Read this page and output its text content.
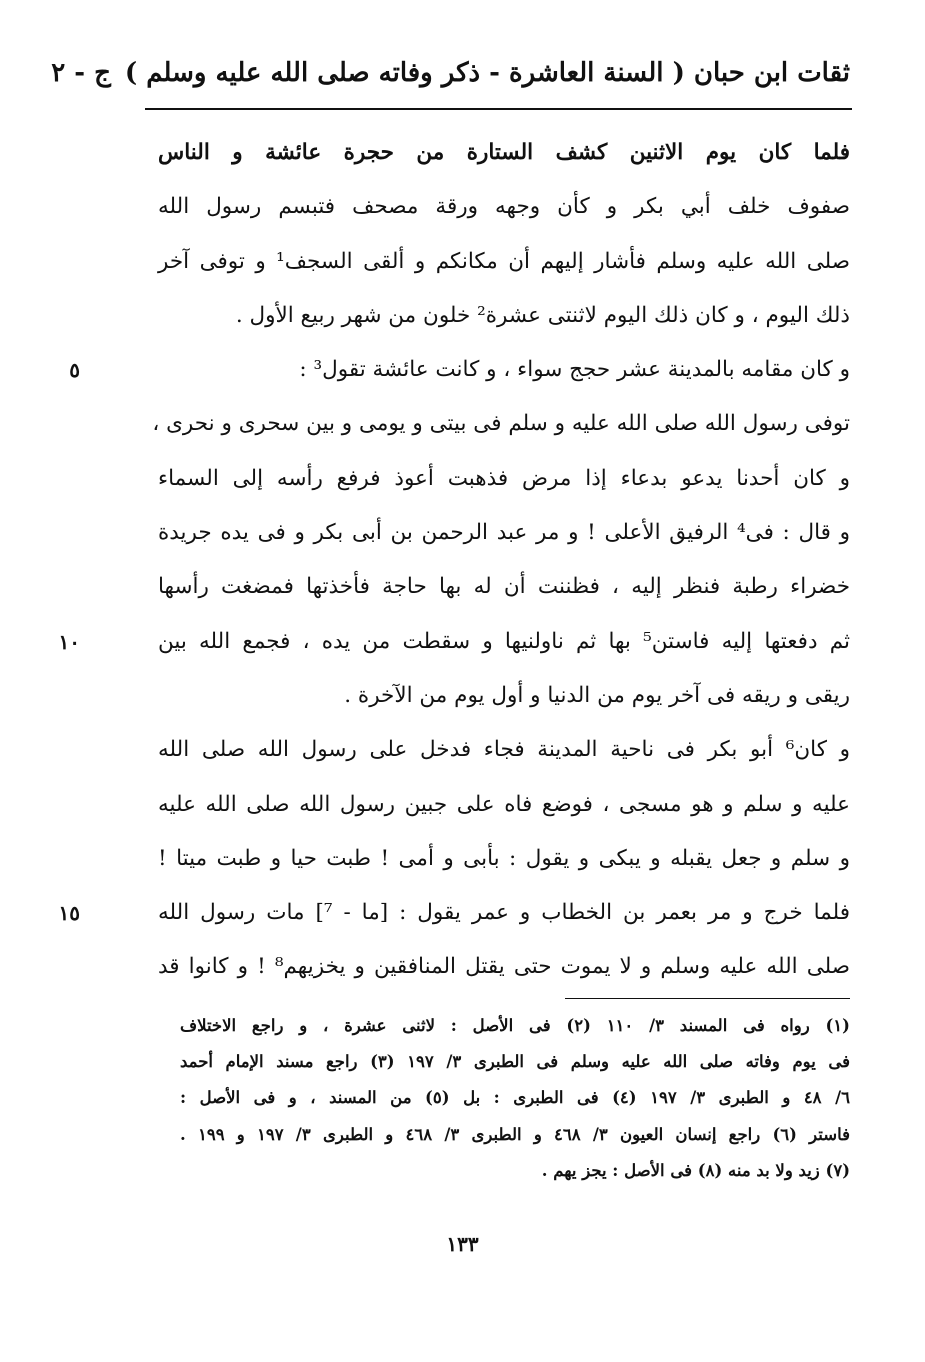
ثقات ابن حبان ( السنة العاشرة - ذكر وفاته صلى الله عليه وسلم )
ج - ٢
فلما كان يوم الاثنين كشف الستارة من حجرة عائشة و الناس
صفوف خلف أبي بكر و كأن وجهه ورقة مصحف فتبسم رسول الله
صلى الله عليه وسلم فأشار إليهم أن مكانكم و ألقى السجف¹ و توفى آخر
ذلك اليوم ، و كان ذلك اليوم لاثنتى عشرة² خلون من شهر ربيع الأول .
و كان مقامه بالمدينة عشر حجج سواء ، و كانت عائشة تقول³ :
٥
توفى رسول الله صلى الله عليه و سلم فى بيتى و يومى و بين سحرى و نحرى ،
و كان أحدنا يدعو بدعاء إذا مرض فذهبت أعوذ فرفع رأسه إلى السماء
و قال : فى⁴ الرفيق الأعلى ! و مر عبد الرحمن بن أبى بكر و فى يده جريدة
خضراء رطبة فنظر إليه ، فظننت أن له بها حاجة فأخذتها فمضغت رأسها
ثم دفعتها إليه فاستن⁵ بها ثم ناولنيها و سقطت من يده ، فجمع الله بين
١٠
ريقى و ريقه فى آخر يوم من الدنيا و أول يوم من الآخرة .
و كان⁶ أبو بكر فى ناحية المدينة فجاء فدخل على رسول الله صلى الله
عليه و سلم و هو مسجى ، فوضع فاه على جبين رسول الله صلى الله عليه
و سلم و جعل يقبله و يبكى و يقول : بأبى و أمى ! طبت حيا و طبت ميتا !
فلما خرج و مر بعمر بن الخطاب و عمر يقول : [ما - ⁷] مات رسول الله
١٥
صلى الله عليه وسلم و لا يموت حتى يقتل المنافقين و يخزيهم⁸ ! و كانوا قد
(١) رواه فى المسند ٣/ ١١٠ (٢) فى الأصل : لاثنى عشرة ، و راجع الاختلاف
فى يوم وفاته صلى الله عليه وسلم فى الطبرى ٣/ ١٩٧ (٣) راجع مسند الإمام أحمد
٦/ ٤٨ و الطبرى ٣/ ١٩٧ (٤) فى الطبرى : بل (٥) من المسند ، و فى الأصل :
فاستر (٦) راجع إنسان العيون ٣/ ٤٦٨ و الطبرى ٣/ ٤٦٨ و الطبرى ٣/ ١٩٧ و ١٩٩ .
(٧) زيد ولا بد منه (٨) فى الأصل : يجز يهم .
١٣٣
